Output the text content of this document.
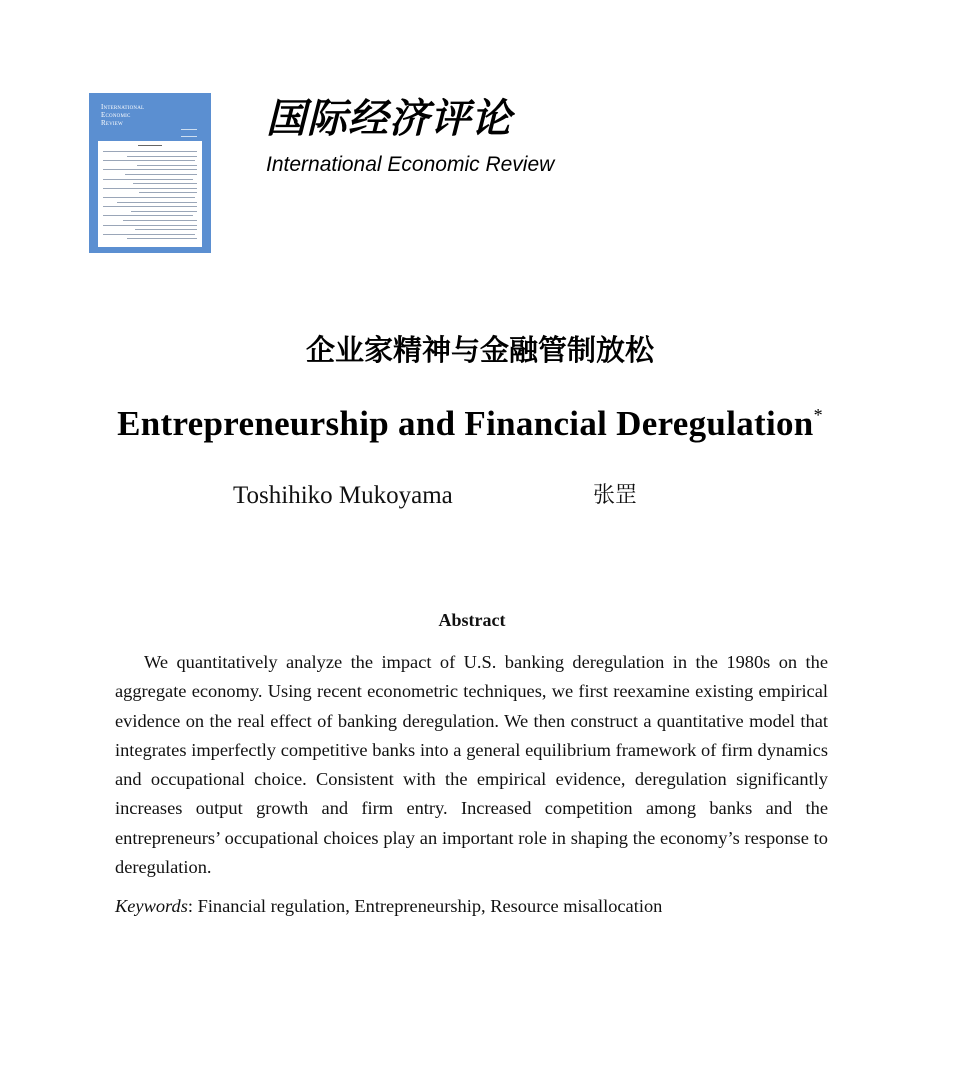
International
Economic
Review	国际经济评论
International Economic Review
企业家精神与金融管制放松
Entrepreneurship and Financial Deregulation*
Toshihiko Mukoyama	张罡
Abstract

We quantitatively analyze the impact of U.S. banking deregulation in the 1980s on the aggregate economy. Using recent econometric techniques, we first reexamine existing empirical evidence on the real effect of banking deregulation. We then construct a quantitative model that integrates imperfectly competitive banks into a general equilibrium framework of firm dynamics and occupational choice. Consistent with the empirical evidence, deregulation significantly increases output growth and firm entry. Increased competition among banks and the entrepreneurs’ occupational choices play an important role in shaping the economy’s response to deregulation.

Keywords: Financial regulation, Entrepreneurship, Resource misallocation
